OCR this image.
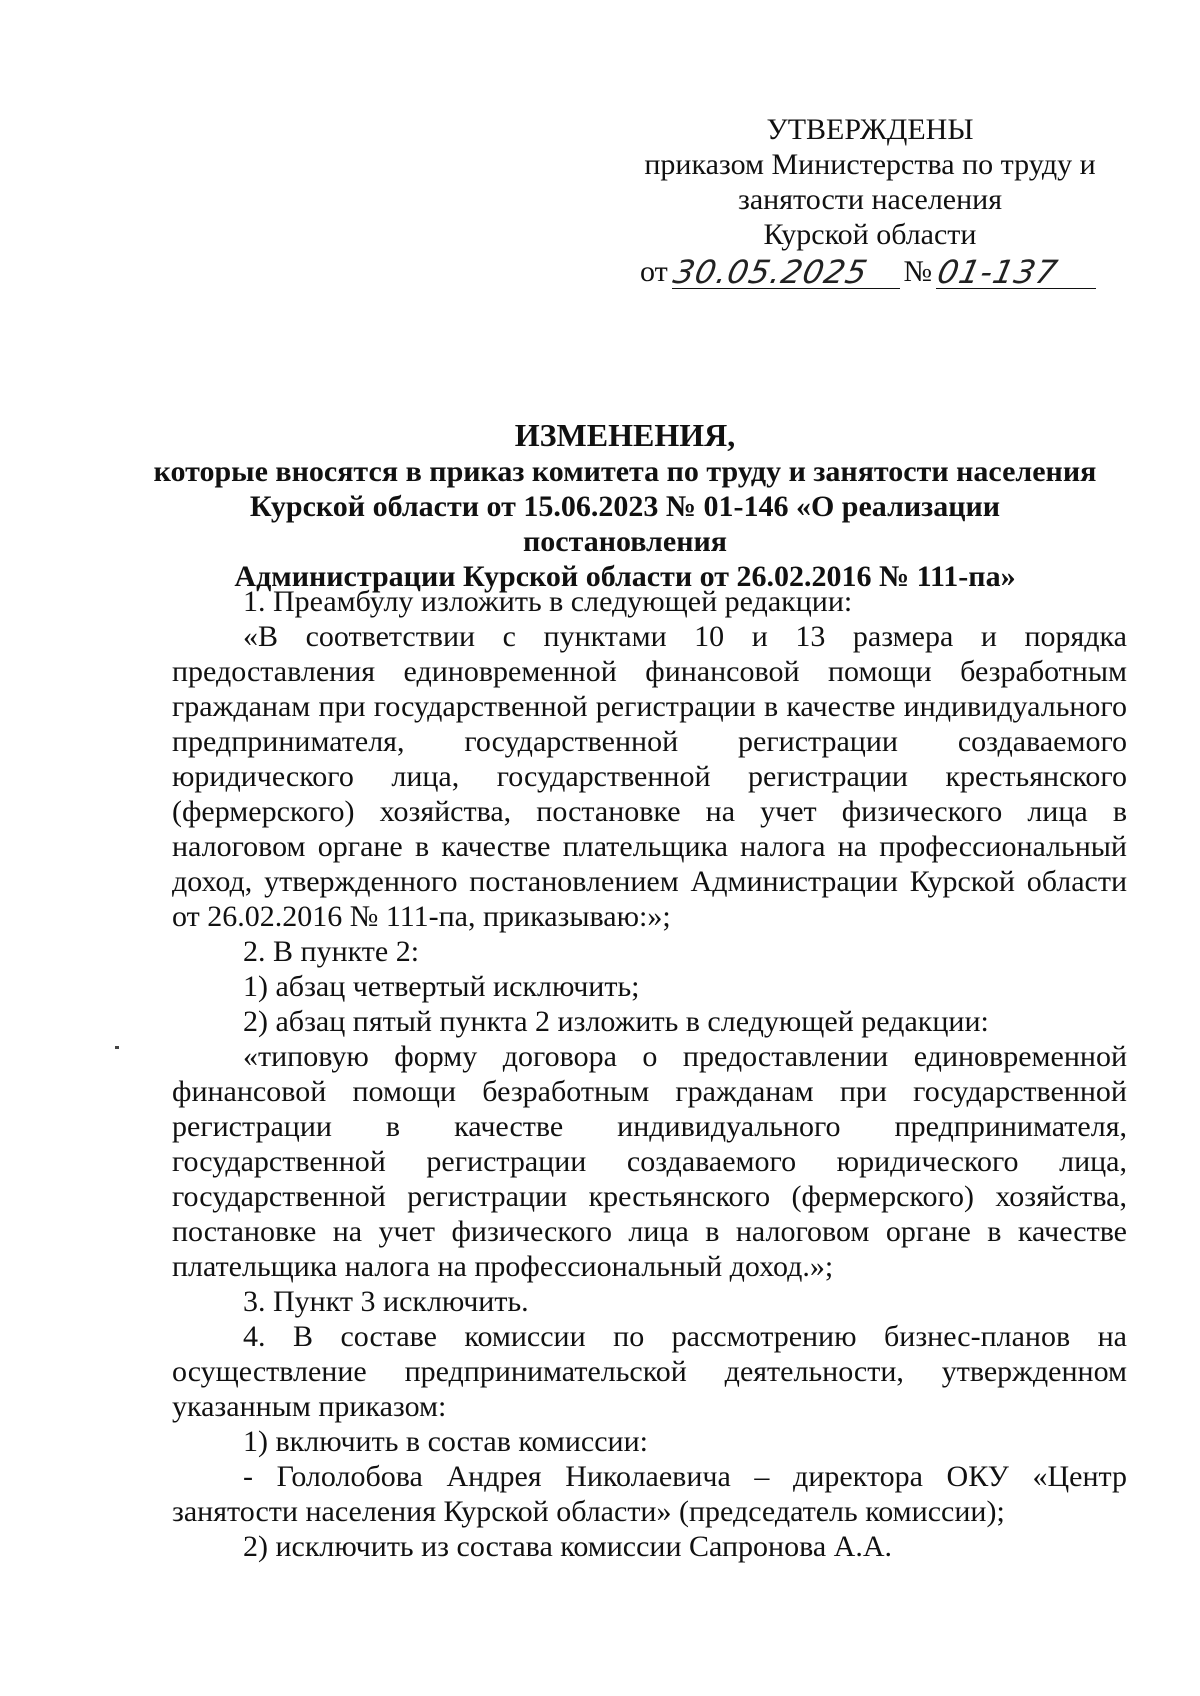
УТВЕРЖДЕНЫ
приказом Министерства по труду и
занятости населения
Курской области
от 30.05.2025 № 01-137
ИЗМЕНЕНИЯ,
которые вносятся в приказ комитета по труду и занятости населения
Курской области от 15.06.2023 № 01-146 «О реализации постановления
Администрации Курской области от 26.02.2016 № 111-па»

1. Преамбулу изложить в следующей редакции:

«В соответствии с пунктами 10 и 13 размера и порядка предоставления единовременной финансовой помощи безработным гражданам при государственной регистрации в качестве индивидуального предпринимателя, государственной регистрации создаваемого юридического лица, государственной регистрации крестьянского (фермерского) хозяйства, постановке на учет физического лица в налоговом органе в качестве плательщика налога на профессиональный доход, утвержденного постановлением Администрации Курской области от 26.02.2016 № 111-па, приказываю:»;

2. В пункте 2:

1) абзац четвертый исключить;

2) абзац пятый пункта 2 изложить в следующей редакции:

«типовую форму договора о предоставлении единовременной финансовой помощи безработным гражданам при государственной регистрации в качестве индивидуального предпринимателя, государственной регистрации создаваемого юридического лица, государственной регистрации крестьянского (фермерского) хозяйства, постановке на учет физического лица в налоговом органе в качестве плательщика налога на профессиональный доход.»;

3. Пункт 3 исключить.

4. В составе комиссии по рассмотрению бизнес-планов на осуществление предпринимательской деятельности, утвержденном указанным приказом:

1) включить в состав комиссии:

- Гололобова Андрея Николаевича – директора ОКУ «Центр занятости населения Курской области» (председатель комиссии);

2) исключить из состава комиссии Сапронова А.А.
